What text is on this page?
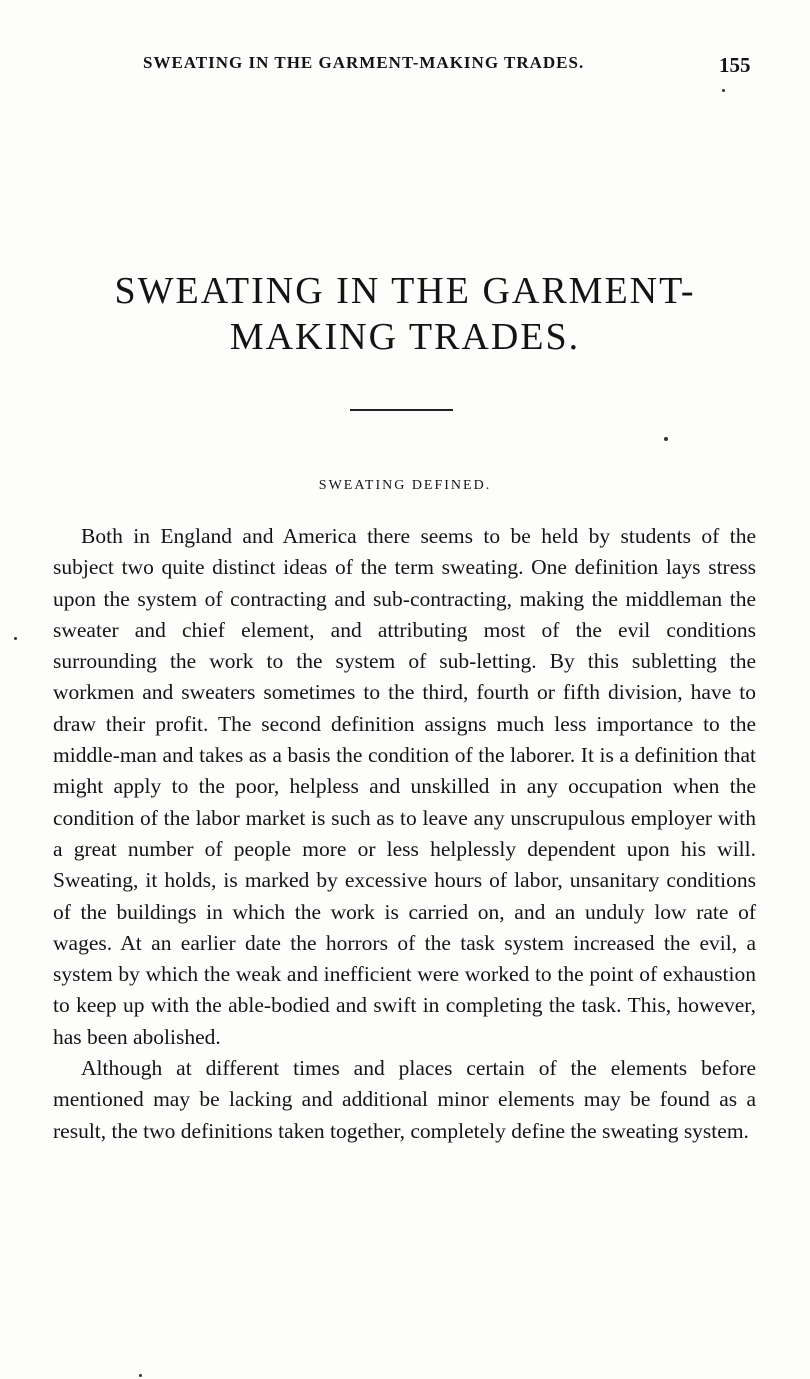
SWEATING IN THE GARMENT-MAKING TRADES.	155
SWEATING IN THE GARMENT-MAKING TRADES.
SWEATING DEFINED.

Both in England and America there seems to be held by students of the subject two quite distinct ideas of the term sweating. One definition lays stress upon the system of contracting and sub-contracting, making the middleman the sweater and chief element, and attributing most of the evil conditions surrounding the work to the system of sub-letting. By this subletting the workmen and sweaters sometimes to the third, fourth or fifth division, have to draw their profit. The second definition assigns much less importance to the middle-man and takes as a basis the condition of the laborer. It is a definition that might apply to the poor, helpless and unskilled in any occupation when the condition of the labor market is such as to leave any unscrupulous employer with a great number of people more or less helplessly dependent upon his will. Sweating, it holds, is marked by excessive hours of labor, unsanitary conditions of the buildings in which the work is carried on, and an unduly low rate of wages. At an earlier date the horrors of the task system increased the evil, a system by which the weak and inefficient were worked to the point of exhaustion to keep up with the able-bodied and swift in completing the task. This, however, has been abolished.

Although at different times and places certain of the elements before mentioned may be lacking and additional minor elements may be found as a result, the two definitions taken together, completely define the sweating system.
